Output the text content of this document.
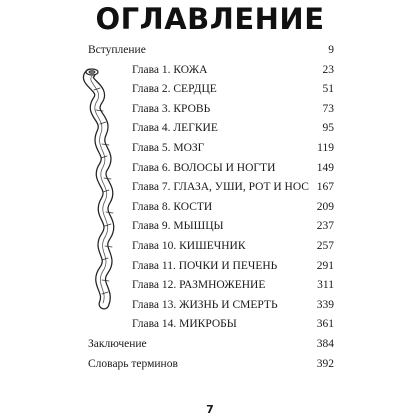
ОГЛАВЛЕНИЕ
Вступление	9
Глава 1. КОЖА	23
Глава 2. СЕРДЦЕ	51
Глава 3. КРОВЬ	73
Глава 4. ЛЕГКИЕ	95
Глава 5. МОЗГ	119
Глава 6. ВОЛОСЫ И НОГТИ	149
Глава 7. ГЛАЗА, УШИ, РОТ И НОС 167
Глава 8. КОСТИ	209
Глава 9. МЫШЦЫ	237
Глава 10. КИШЕЧНИК	257
Глава 11. ПОЧКИ И ПЕЧЕНЬ	291
Глава 12. РАЗМНОЖЕНИЕ	311
Глава 13. ЖИЗНЬ И СМЕРТЬ	339
Глава 14. МИКРОБЫ	361
Заключение	384
Словарь терминов	392
7
